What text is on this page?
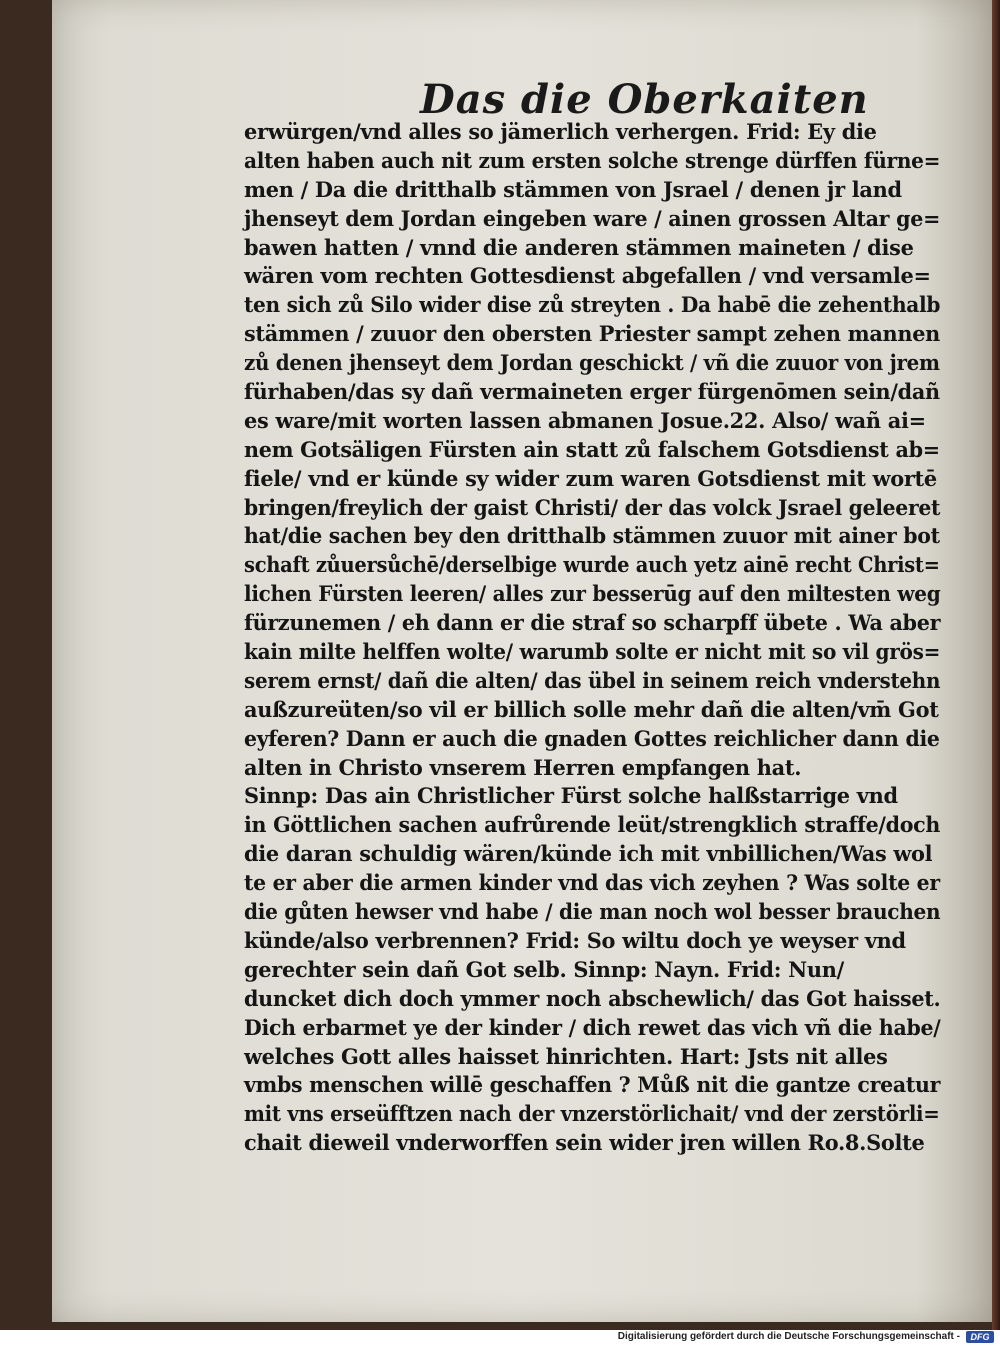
Das die Oberkaiten
erwürgen/vnd alles so jämerlich verhergen. Frid: Ey die
alten haben auch nit zum ersten solche strenge dürffen fürne=
men / Da die dritthalb stämmen von Jsrael / denen jr land
jhenseyt dem Jordan eingeben ware / ainen grossen Altar ge=
bawen hatten / vnnd die anderen stämmen maineten / dise
wären vom rechten Gottesdienst abgefallen / vnd versamle=
ten sich zů Silo wider dise zů streyten . Da habē die zehenthalb
stämmen / zuuor den obersten Priester sampt zehen mannen
zů denen jhenseyt dem Jordan geschickt / vñ die zuuor von jrem
fürhaben/das sy dañ vermaineten erger fürgenōmen sein/dañ
es ware/mit worten lassen abmanen Josue.22. Also/ wañ ai=
nem Gotsäligen Fürsten ain statt zů falschem Gotsdienst ab=
fiele/ vnd er künde sy wider zum waren Gotsdienst mit wortē
bringen/freylich der gaist Christi/ der das volck Jsrael geleeret
hat/die sachen bey den dritthalb stämmen zuuor mit ainer bot
schaft zůuersůchē/derselbige wurde auch yetz ainē recht Christ=
lichen Fürsten leeren/ alles zur besserūg auf den miltesten weg
fürzunemen / eh dann er die straf so scharpff übete . Wa aber
kain milte helffen wolte/ warumb solte er nicht mit so vil grös=
serem ernst/ dañ die alten/ das übel in seinem reich vnderstehn
außzureüten/so vil er billich solle mehr dañ die alten/vm̄ Got
eyferen? Dann er auch die gnaden Gottes reichlicher dann die
alten in Christo vnserem Herren empfangen hat.
Sinnp: Das ain Christlicher Fürst solche halßstarrige vnd
in Göttlichen sachen aufrůrende leüt/strengklich straffe/doch
die daran schuldig wären/künde ich mit vnbillichen/Was wol
te er aber die armen kinder vnd das vich zeyhen ? Was solte er
die gůten hewser vnd habe / die man noch wol besser brauchen
künde/also verbrennen? Frid: So wiltu doch ye weyser vnd
gerechter sein dañ Got selb. Sinnp: Nayn. Frid: Nun/
duncket dich doch ymmer noch abschewlich/ das Got haisset.
Dich erbarmet ye der kinder / dich rewet das vich vñ die habe/
welches Gott alles haisset hinrichten. Hart: Jsts nit alles
vmbs menschen willē geschaffen ? Můß nit die gantze creatur
mit vns erseüfftzen nach der vnzerstörlichait/ vnd der zerstörli=
chait dieweil vnderworffen sein wider jren willen Ro.8.Solte
Digitalisierung gefördert durch die Deutsche Forschungsgemeinschaft -	DFG
